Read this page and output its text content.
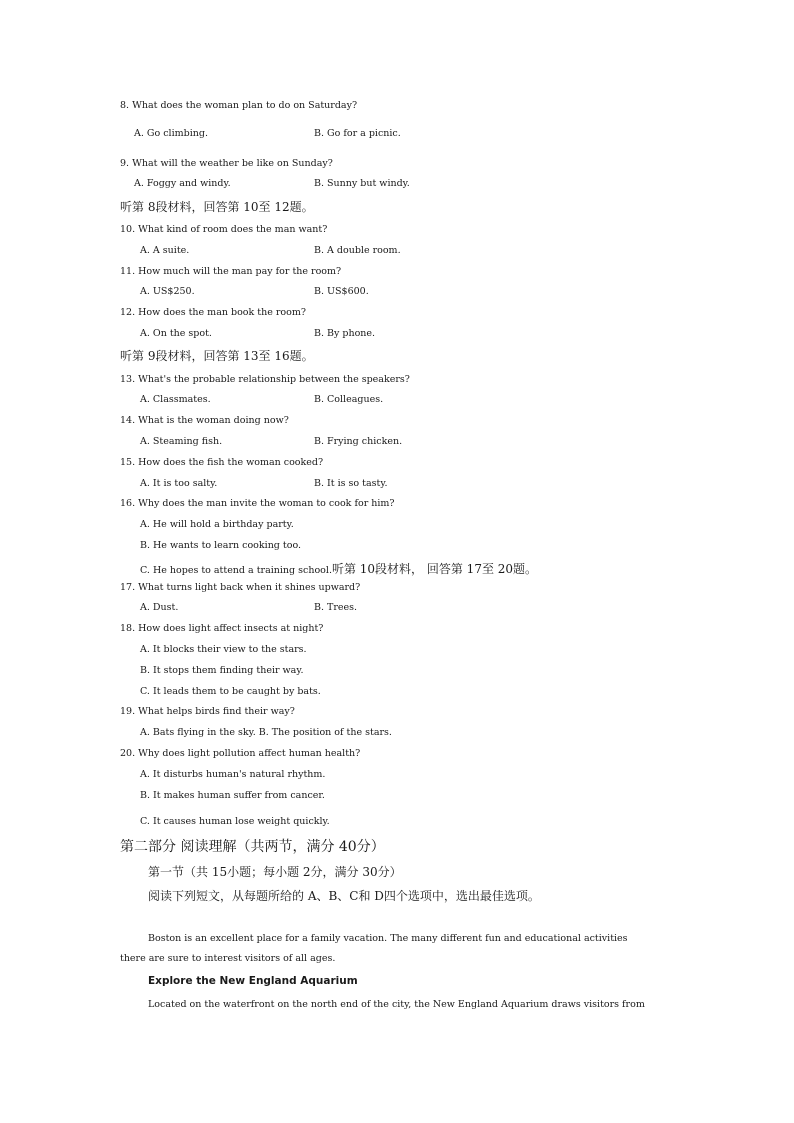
8. What does the woman plan to do on Saturday?
A. Go climbing.	B. Go for a picnic.
9. What will the weather be like on Sunday?
A. Foggy and windy.	B. Sunny but windy.
听第 8段材料，回答第 10至 12题。
10. What kind of room does the man want?
A. A suite.	B. A double room.
11. How much will the man pay for the room?
A. US$250.	B. US$600.
12. How does the man book the room?
A. On the spot.	B. By phone.
听第 9段材料，回答第 13至 16题。
13. What's the probable relationship between the speakers?
A. Classmates.	B. Colleagues.
14. What is the woman doing now?
A. Steaming fish.	B. Frying chicken.
15. How does the fish the woman cooked?
A. It is too salty.	B. It is so tasty.
16. Why does the man invite the woman to cook for him?
A. He will hold a birthday party.
B. He wants to learn cooking too.
C. He hopes to attend a training school.听第 10段材料， 回答第 17至 20题。
17. What turns light back when it shines upward?
A. Dust.	B. Trees.
18. How does light affect insects at night?
A. It blocks their view to the stars.
B. It stops them finding their way.
C. It leads them to be caught by bats.
19. What helps birds find their way?
A. Bats flying in the sky. B. The position of the stars.
20. Why does light pollution affect human health?
A. It disturbs human's natural rhythm.
B. It makes human suffer from cancer.
C. It causes human lose weight quickly.
第二部分 阅读理解（共两节，满分 40分）
第一节（共 15小题；每小题 2分，满分 30分）
阅读下列短文，从每题所给的 A、B、C和 D四个选项中，选出最佳选项。
Boston is an excellent place for a family vacation. The many different fun and educational activities
there are sure to interest visitors of all ages.
Explore the New England Aquarium
Located on the waterfront on the north end of the city, the New England Aquarium draws visitors from
